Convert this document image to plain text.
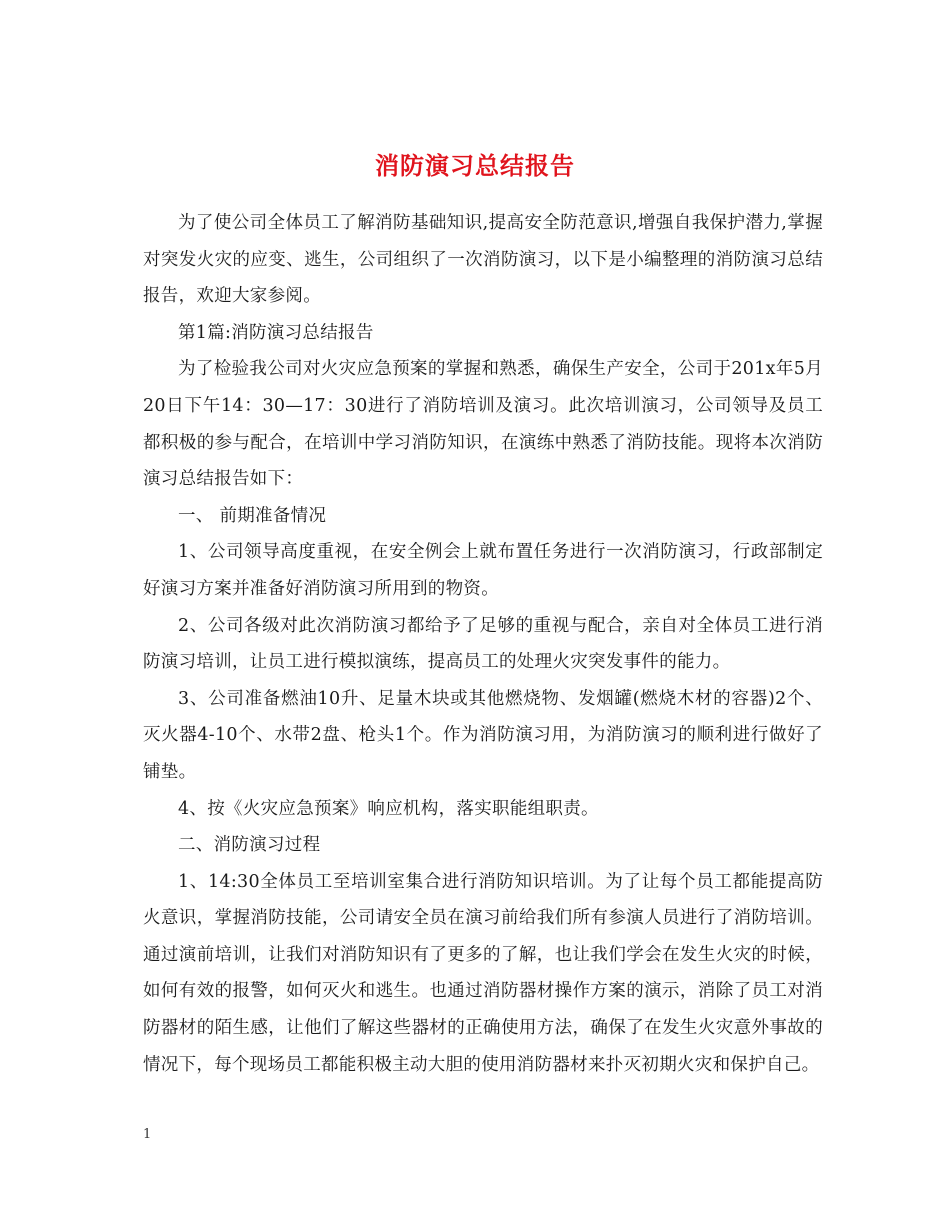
消防演习总结报告

为了使公司全体员工了解消防基础知识,提高安全防范意识,增强自我保护潜力,掌握对突发火灾的应变、逃生，公司组织了一次消防演习，以下是小编整理的消防演习总结报告，欢迎大家参阅。

第1篇:消防演习总结报告

为了检验我公司对火灾应急预案的掌握和熟悉，确保生产安全，公司于201x年5月20日下午14：30—17：30进行了消防培训及演习。此次培训演习，公司领导及员工都积极的参与配合，在培训中学习消防知识，在演练中熟悉了消防技能。现将本次消防演习总结报告如下：

一、 前期准备情况

1、公司领导高度重视，在安全例会上就布置任务进行一次消防演习，行政部制定好演习方案并准备好消防演习所用到的物资。

2、公司各级对此次消防演习都给予了足够的重视与配合，亲自对全体员工进行消防演习培训，让员工进行模拟演练，提高员工的处理火灾突发事件的能力。

3、公司准备燃油10升、足量木块或其他燃烧物、发烟罐(燃烧木材的容器)2个、灭火器4-10个、水带2盘、枪头1个。作为消防演习用，为消防演习的顺利进行做好了铺垫。

4、按《火灾应急预案》响应机构，落实职能组职责。

二、消防演习过程

1、14:30全体员工至培训室集合进行消防知识培训。为了让每个员工都能提高防火意识，掌握消防技能，公司请安全员在演习前给我们所有参演人员进行了消防培训。通过演前培训，让我们对消防知识有了更多的了解，也让我们学会在发生火灾的时候，如何有效的报警，如何灭火和逃生。也通过消防器材操作方案的演示，消除了员工对消防器材的陌生感，让他们了解这些器材的正确使用方法，确保了在发生火灾意外事故的情况下，每个现场员工都能积极主动大胆的使用消防器材来扑灭初期火灾和保护自己。

1
